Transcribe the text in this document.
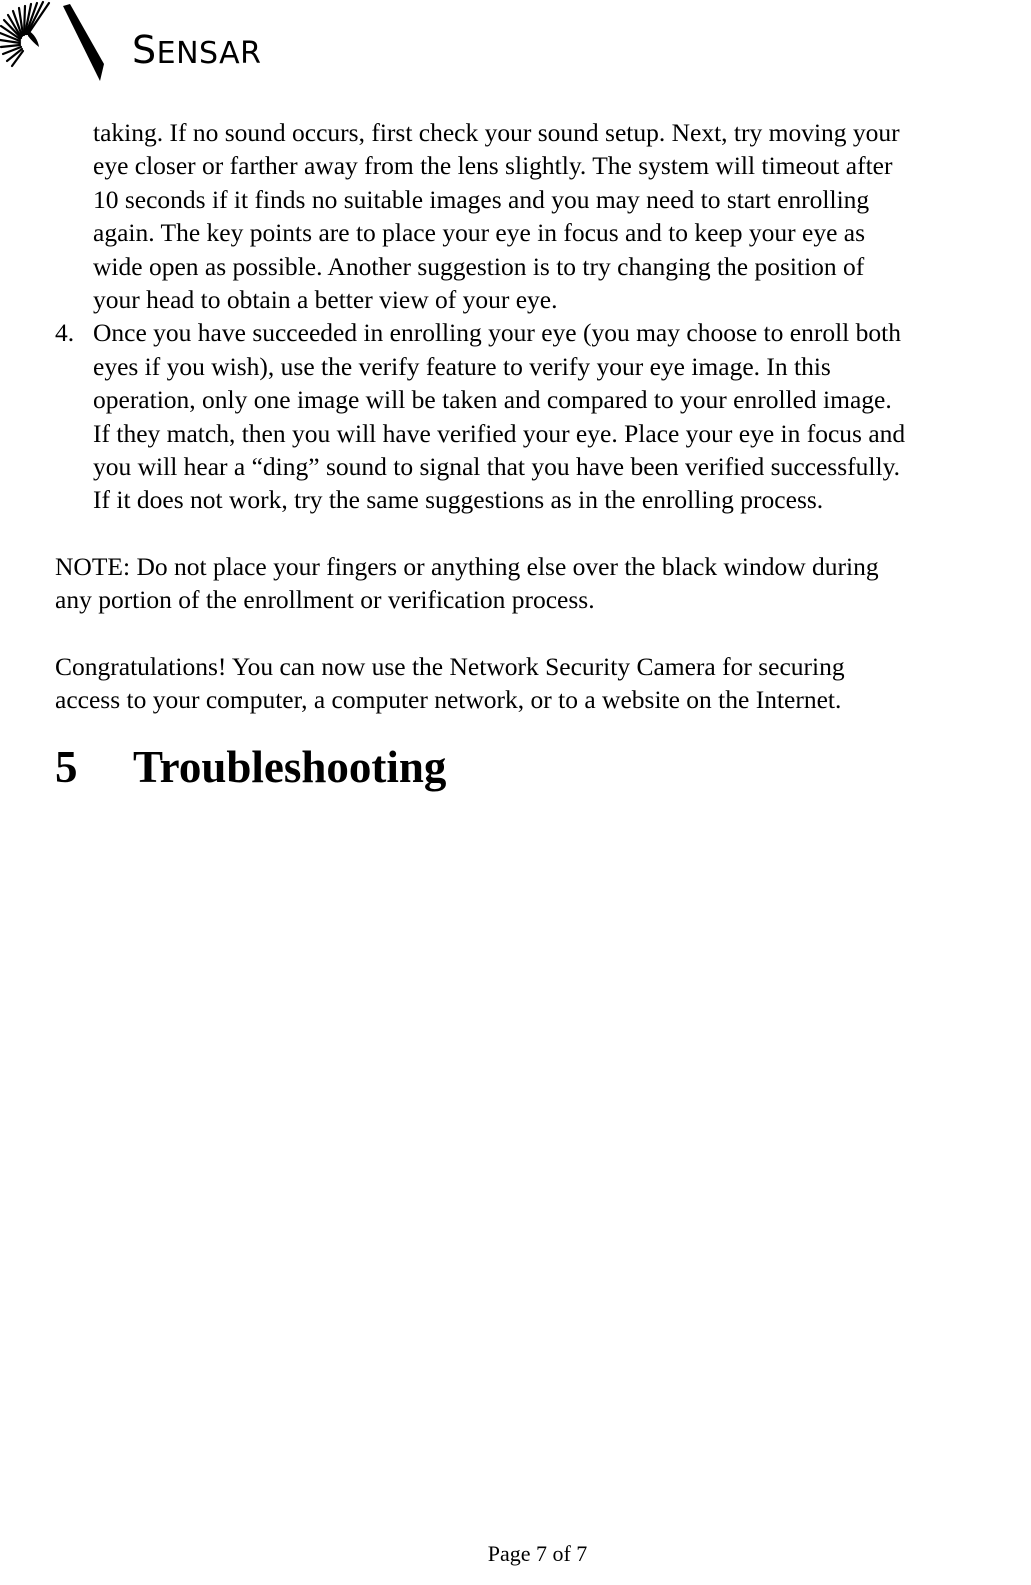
SENSAR

taking. If no sound occurs, first check your sound setup. Next, try moving your
eye closer or farther away from the lens slightly. The system will timeout after
10 seconds if it finds no suitable images and you may need to start enrolling
again. The key points are to place your eye in focus and to keep your eye as
wide open as possible. Another suggestion is to try changing the position of
your head to obtain a better view of your eye.

4. Once you have succeeded in enrolling your eye (you may choose to enroll both
eyes if you wish), use the verify feature to verify your eye image. In this
operation, only one image will be taken and compared to your enrolled image.
If they match, then you will have verified your eye. Place your eye in focus and
you will hear a “ding” sound to signal that you have been verified successfully.
If it does not work, try the same suggestions as in the enrolling process.

NOTE: Do not place your fingers or anything else over the black window during
any portion of the enrollment or verification process.

Congratulations! You can now use the Network Security Camera for securing
access to your computer, a computer network, or to a website on the Internet.

5 Troubleshooting
Page 7 of 7
